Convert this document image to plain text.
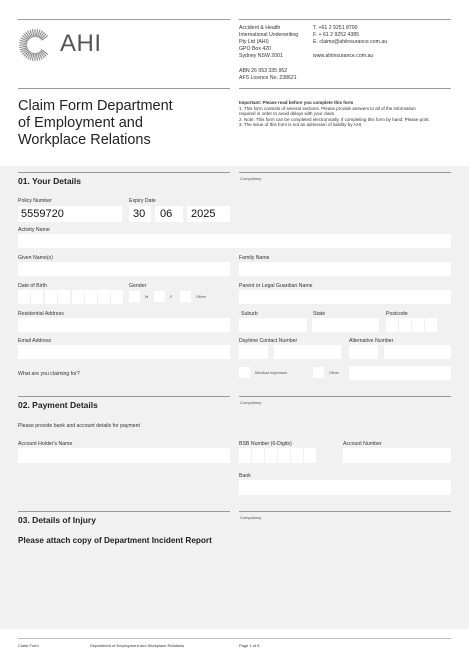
AHI
Accident & Health
International Underwriting
Pty Ltd (AHI)
GPO Box 420
Sydney NSW 2001
T. +61 2 9251 8700
F. + 61 2 9252 4385
E. claims@ahiinsurance.com.au
www.ahiinsurance.com.au
ABN 26 053 335 952
AFS Licence No. 238621
Claim Form Department
of Employment and
Workplace Relations
Important: Please read before you complete this form
1. This form consists of several sections. Please provide answers to all of the information
required in order to avoid delays with your claim.
2. Note: This form can be completed electronically. If completing this form by hand: Please print.
3. The issue of this form is not an admission of liability by AHI.
01. Your Details	Compulsory
Policy Number
5559720
Expiry Date
30 06 2025
Activity Name
Given Name(s)	Family Name
Date of Birth	Gender
M	F	Other
Parent or Legal Guardian Name
Residential Address	Suburb	State	Postcode
Email Address	Daytime Contact Number	Alternative Number
What are you claiming for?	Medical expenses	Other
02. Payment Details	Compulsory
Please provide bank and account details for payment
Account Holder's Name	BSB Number (6-Digits)	Account Number
Bank
03. Details of Injury	Compulsory
Please attach copy of Department Incident Report
Claim Form	Department of Employment and Workplace Relations	Page 1 of 8
